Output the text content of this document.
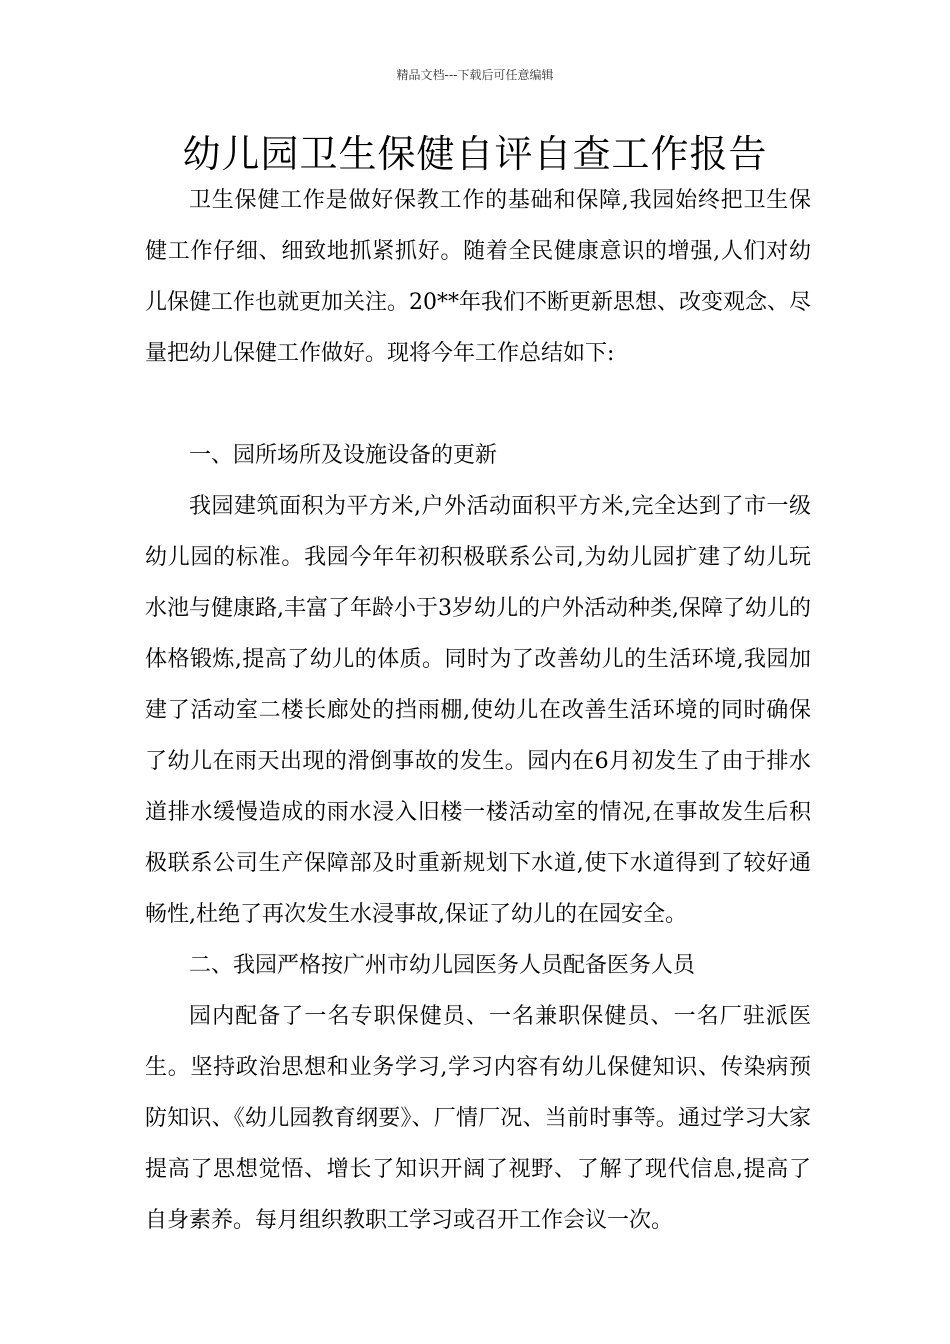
精品文档---下载后可任意编辑
幼儿园卫生保健自评自查工作报告

卫生保健工作是做好保教工作的基础和保障,我园始终把卫生保健工作仔细、细致地抓紧抓好。随着全民健康意识的增强,人们对幼儿保健工作也就更加关注。20**年我们不断更新思想、改变观念、尽量把幼儿保健工作做好。现将今年工作总结如下:

一、园所场所及设施设备的更新

我园建筑面积为平方米,户外活动面积平方米,完全达到了市一级幼儿园的标准。我园今年年初积极联系公司,为幼儿园扩建了幼儿玩水池与健康路,丰富了年龄小于3岁幼儿的户外活动种类,保障了幼儿的体格锻炼,提高了幼儿的体质。同时为了改善幼儿的生活环境,我园加建了活动室二楼长廊处的挡雨棚,使幼儿在改善生活环境的同时确保了幼儿在雨天出现的滑倒事故的发生。园内在6月初发生了由于排水道排水缓慢造成的雨水浸入旧楼一楼活动室的情况,在事故发生后积极联系公司生产保障部及时重新规划下水道,使下水道得到了较好通畅性,杜绝了再次发生水浸事故,保证了幼儿的在园安全。

二、我园严格按广州市幼儿园医务人员配备医务人员

园内配备了一名专职保健员、一名兼职保健员、一名厂驻派医生。坚持政治思想和业务学习,学习内容有幼儿保健知识、传染病预防知识、《幼儿园教育纲要》、厂情厂况、当前时事等。通过学习大家提高了思想觉悟、增长了知识开阔了视野、了解了现代信息,提高了自身素养。每月组织教职工学习或召开工作会议一次。
